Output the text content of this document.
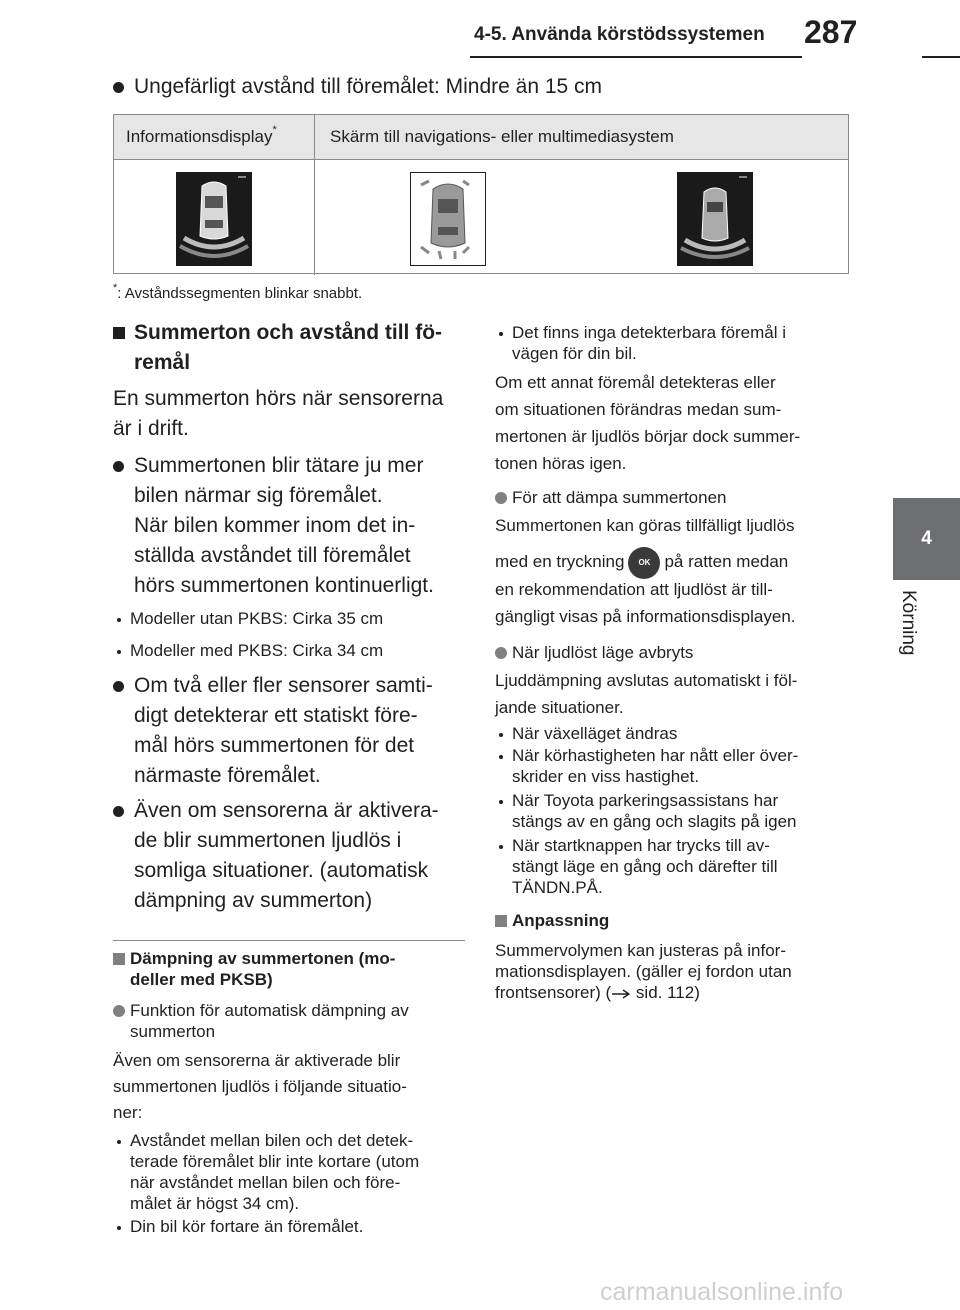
4-5. Använda körstödssystemen 287
4
Körning
Ungefärligt avstånd till föremålet: Mindre än 15 cm
Informationsdisplay*	Skärm till navigations- eller multimediasystem
*: Avståndssegmenten blinkar snabbt.
Summerton och avstånd till fö-
remål
En summerton hörs när sensorerna
är i drift.
Summertonen blir tätare ju mer
bilen närmar sig föremålet.
När bilen kommer inom det in-
ställda avståndet till föremålet
hörs summertonen kontinuerligt.
Modeller utan PKBS: Cirka 35 cm
Modeller med PKBS: Cirka 34 cm
Om två eller fler sensorer samti-
digt detekterar ett statiskt före-
mål hörs summertonen för det
närmaste föremålet.
Även om sensorerna är aktivera-
de blir summertonen ljudlös i
somliga situationer. (automatisk
dämpning av summerton)
Dämpning av summertonen (mo-
deller med PKSB)
Funktion för automatisk dämpning av
summerton
Även om sensorerna är aktiverade blir
summertonen ljudlös i följande situatio-
ner:
Avståndet mellan bilen och det detek-
terade föremålet blir inte kortare (utom
när avståndet mellan bilen och före-
målet är högst 34 cm).
Din bil kör fortare än föremålet.
Det finns inga detekterbara föremål i
vägen för din bil.
Om ett annat föremål detekteras eller
om situationen förändras medan sum-
mertonen är ljudlös börjar dock summer-
tonen höras igen.
För att dämpa summertonen
Summertonen kan göras tillfälligt ljudlös
med en tryckning OK på ratten medan
en rekommendation att ljudlöst är till-
gängligt visas på informationsdisplayen.
När ljudlöst läge avbryts
Ljuddämpning avslutas automatiskt i föl-
jande situationer.
När växelläget ändras
När körhastigheten har nått eller över-
skrider en viss hastighet.
När Toyota parkeringsassistans har
stängs av en gång och slagits på igen
När startknappen har trycks till av-
stängt läge en gång och därefter till
TÄNDN.PÅ.
Anpassning
Summervolymen kan justeras på infor-
mationsdisplayen. (gäller ej fordon utan
frontsensorer) ( sid. 112)
carmanualsonline.info
